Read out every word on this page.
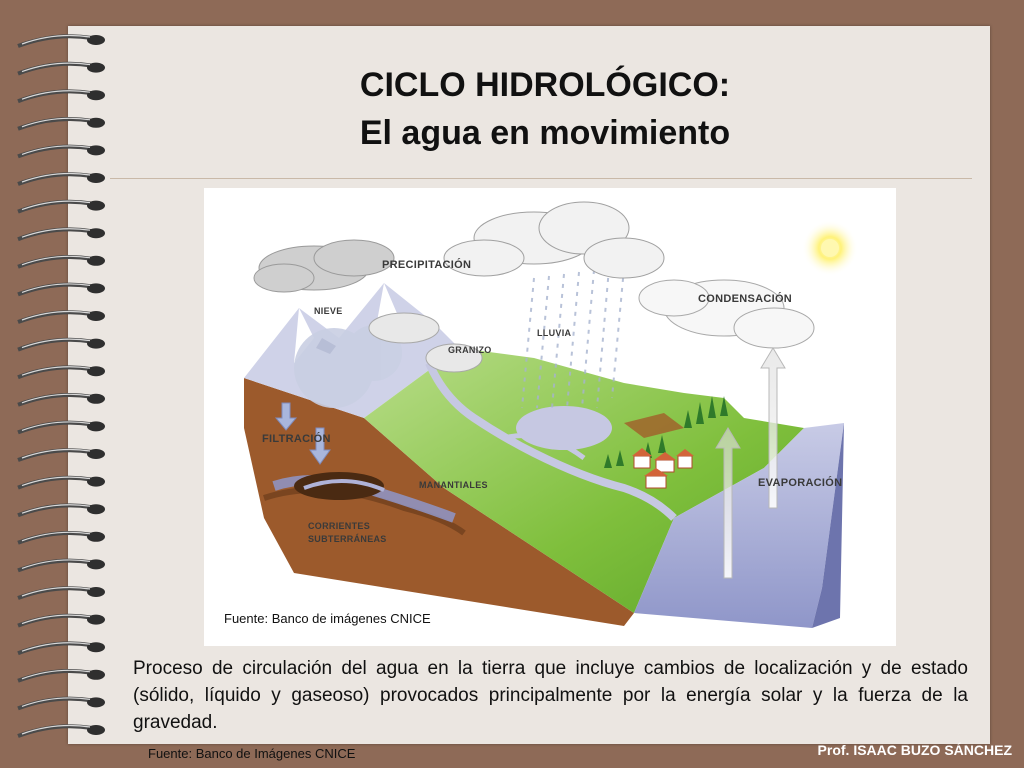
CICLO HIDROLÓGICO:
El agua en movimiento
PRECIPITACIÓN
NIEVE
LLUVIA
GRANIZO
CONDENSACIÓN
FILTRACIÓN
MANANTIALES	EVAPORACIÓN
CORRIENTES
SUBTERRÁNEAS
Fuente: Banco de imágenes CNICE
Proceso de circulación del agua en la tierra que incluye cambios de localización y de estado (sólido, líquido y gaseoso) provocados principalmente por la energía solar y la fuerza de la gravedad.
Fuente: Banco de Imágenes CNICE	Prof. ISAAC BUZO SÁNCHEZ
